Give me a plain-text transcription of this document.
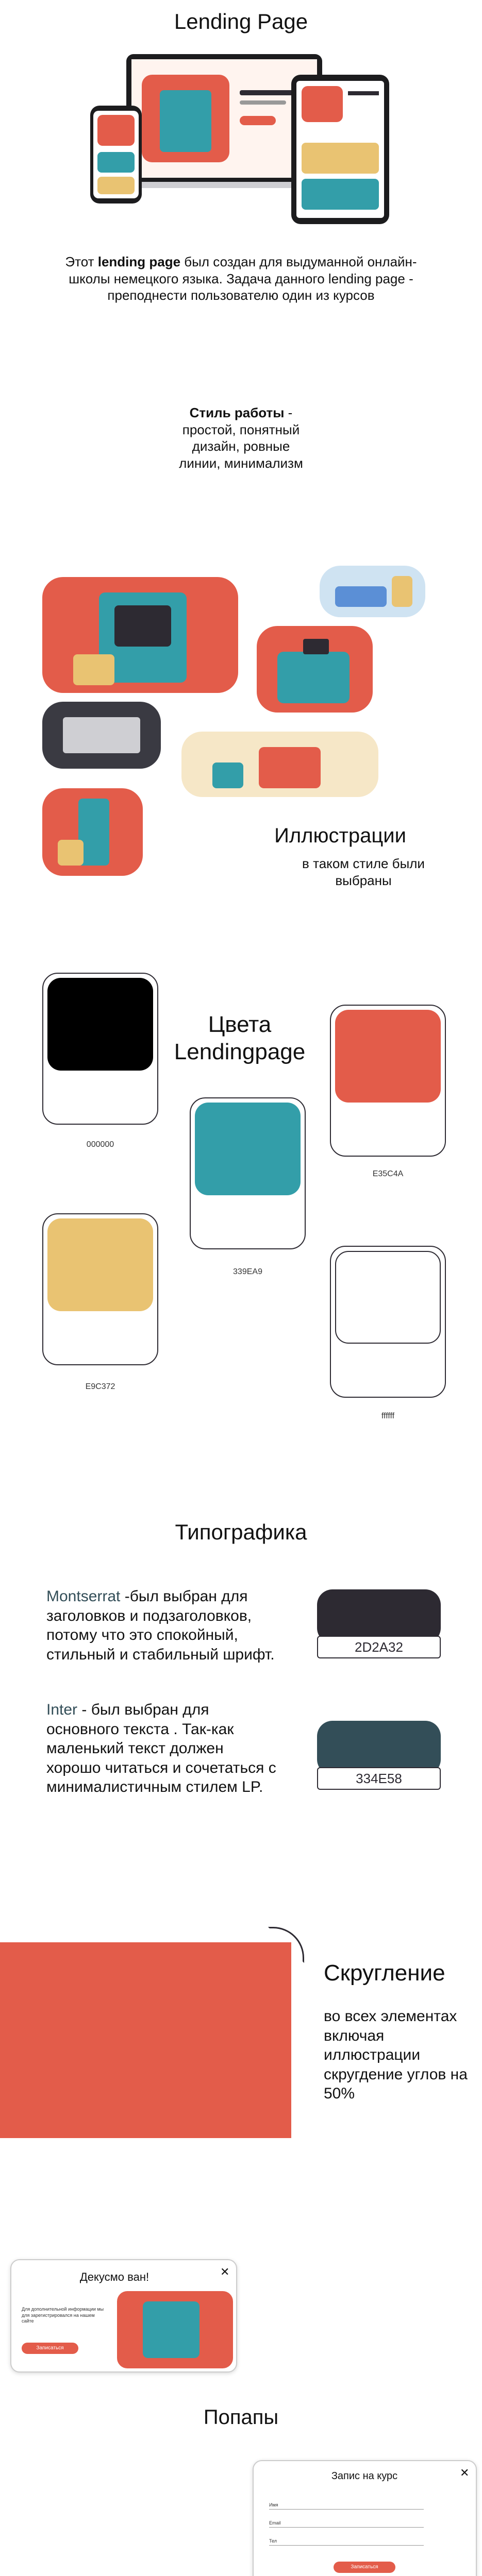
Lending Page
Этот lending page был создан для выдуманной онлайн-школы немецкого языка. Задача данного lending page - преподнести пользователю один из курсов
Стиль работы - простой, понятный дизайн, ровные линии, минимализм
Иллюстрации
в таком стиле были выбраны
Цвета
Lendingpage
000000
E35C4A
339EA9
E9C372
ffffff
Типографика
Montserrat -был выбран для заголовков и подзаголовков, потому что это спокойный, стильный и стабильный шрифт.
Inter - был выбран для основного текста . Так-как маленький текст должен хорошо читаться и сочетаться с минималистичным стилем LP.
2D2A32
334E58
Скругление
во всех элементах включая иллюстрации скругдение углов на 50%
Декусмо ван!	✕
Для дополнительной информации мы для зарегистрировался на нашем сайте
Записаться
Попапы
Запис на курс	✕
Имя
Email
Тел
Записаться
